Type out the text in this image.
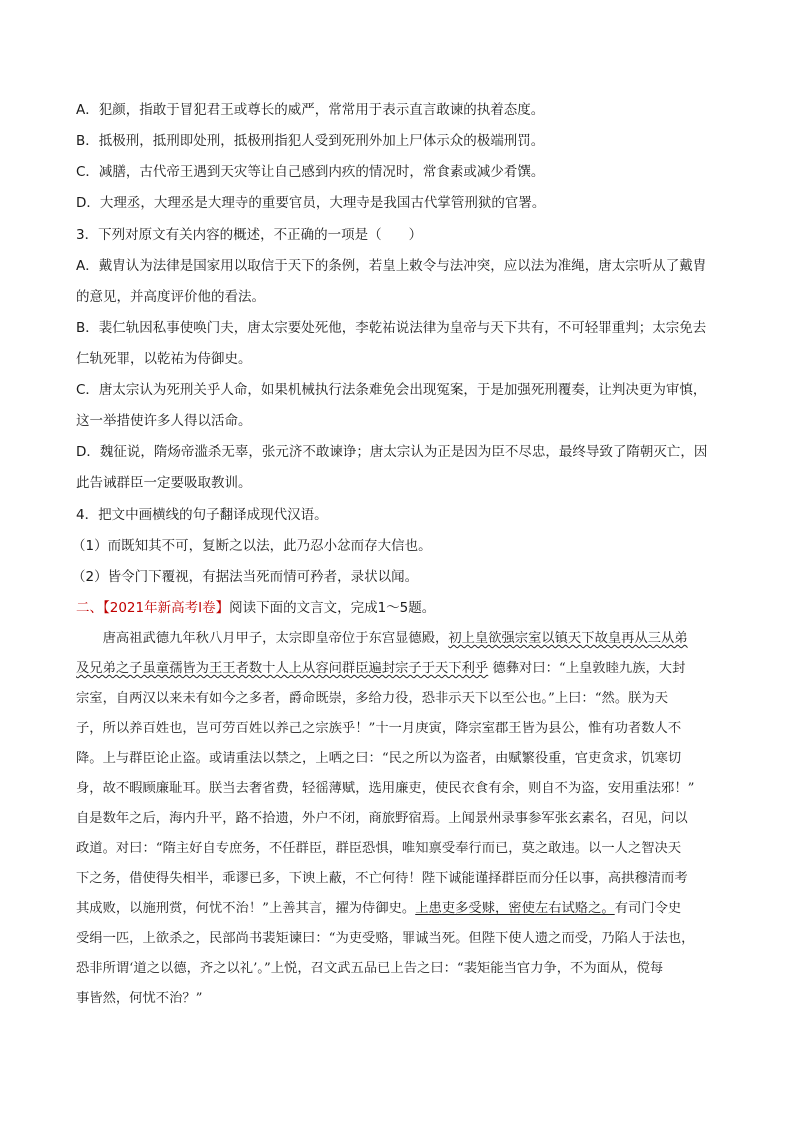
A．犯颜，指敢于冒犯君王或尊长的威严，常常用于表示直言敢谏的执着态度。
B．抵极刑，抵刑即处刑，抵极刑指犯人受到死刑外加上尸体示众的极端刑罚。
C．减膳，古代帝王遇到天灾等让自己感到内疚的情况时，常食素或减少肴馔。
D．大理丞，大理丞是大理寺的重要官员，大理寺是我国古代掌管刑狱的官署。
3．下列对原文有关内容的概述，不正确的一项是（　　）
A．戴胄认为法律是国家用以取信于天下的条例，若皇上敕令与法冲突，应以法为准绳，唐太宗听从了戴胄
的意见，并高度评价他的看法。
B．裴仁轨因私事使唤门夫，唐太宗要处死他，李乾祐说法律为皇帝与天下共有，不可轻罪重判；太宗免去
仁轨死罪，以乾祐为侍御史。
C．唐太宗认为死刑关乎人命，如果机械执行法条难免会出现冤案，于是加强死刑覆奏，让判决更为审慎，
这一举措使许多人得以活命。
D．魏征说，隋炀帝滥杀无辜，张元济不敢谏诤；唐太宗认为正是因为臣不尽忠，最终导致了隋朝灭亡，因
此告诫群臣一定要吸取教训。
4．把文中画横线的句子翻译成现代汉语。
（1）而既知其不可，复断之以法，此乃忍小忿而存大信也。
（2）皆令门下覆视，有据法当死而情可矜者，录状以闻。
二、【2021年新高考Ⅰ卷】阅读下面的文言文，完成1～5题。
　　唐高祖武德九年秋八月甲子，太宗即皇帝位于东宫显德殿，初上皇欲强宗室以镇天下故皇再从三从弟
及兄弟之子虽童孺皆为王王者数十人上从容问群臣遍封宗子于天下利乎 德彝对曰：“上皇敦睦九族，大封
宗室，自两汉以来未有如今之多者，爵命既崇，多给力役，恐非示天下以至公也。”上曰：“然。朕为天
子，所以养百姓也，岂可劳百姓以养己之宗族乎！”十一月庚寅，降宗室郡王皆为县公，惟有功者数人不
降。上与群臣论止盗。或请重法以禁之，上哂之曰：“民之所以为盗者，由赋繁役重，官吏贪求，饥寒切
身，故不暇顾廉耻耳。朕当去奢省费，轻徭薄赋，选用廉吏，使民衣食有余，则自不为盗，安用重法邪！”
自是数年之后，海内升平，路不拾遗，外户不闭，商旅野宿焉。上闻景州录事参军张玄素名，召见，问以
政道。对曰：“隋主好自专庶务，不任群臣，群臣恐惧，唯知禀受奉行而已，莫之敢违。以一人之智决天
下之务，借使得失相半，乖谬已多，下谀上蔽，不亡何待！陛下诚能谨择群臣而分任以事，高拱穆清而考
其成败，以施刑赏，何忧不治！”上善其言，擢为侍御史。上患吏多受赇，密使左右试赂之。有司门令史
受绢一匹，上欲杀之，民部尚书裴矩谏曰：“为吏受赂，罪诚当死。但陛下使人遗之而受，乃陷人于法也，
恐非所谓‘道之以德，齐之以礼’。”上悦，召文武五品已上告之曰：“裴矩能当官力争，不为面从，傥每
事皆然，何忧不治？”
